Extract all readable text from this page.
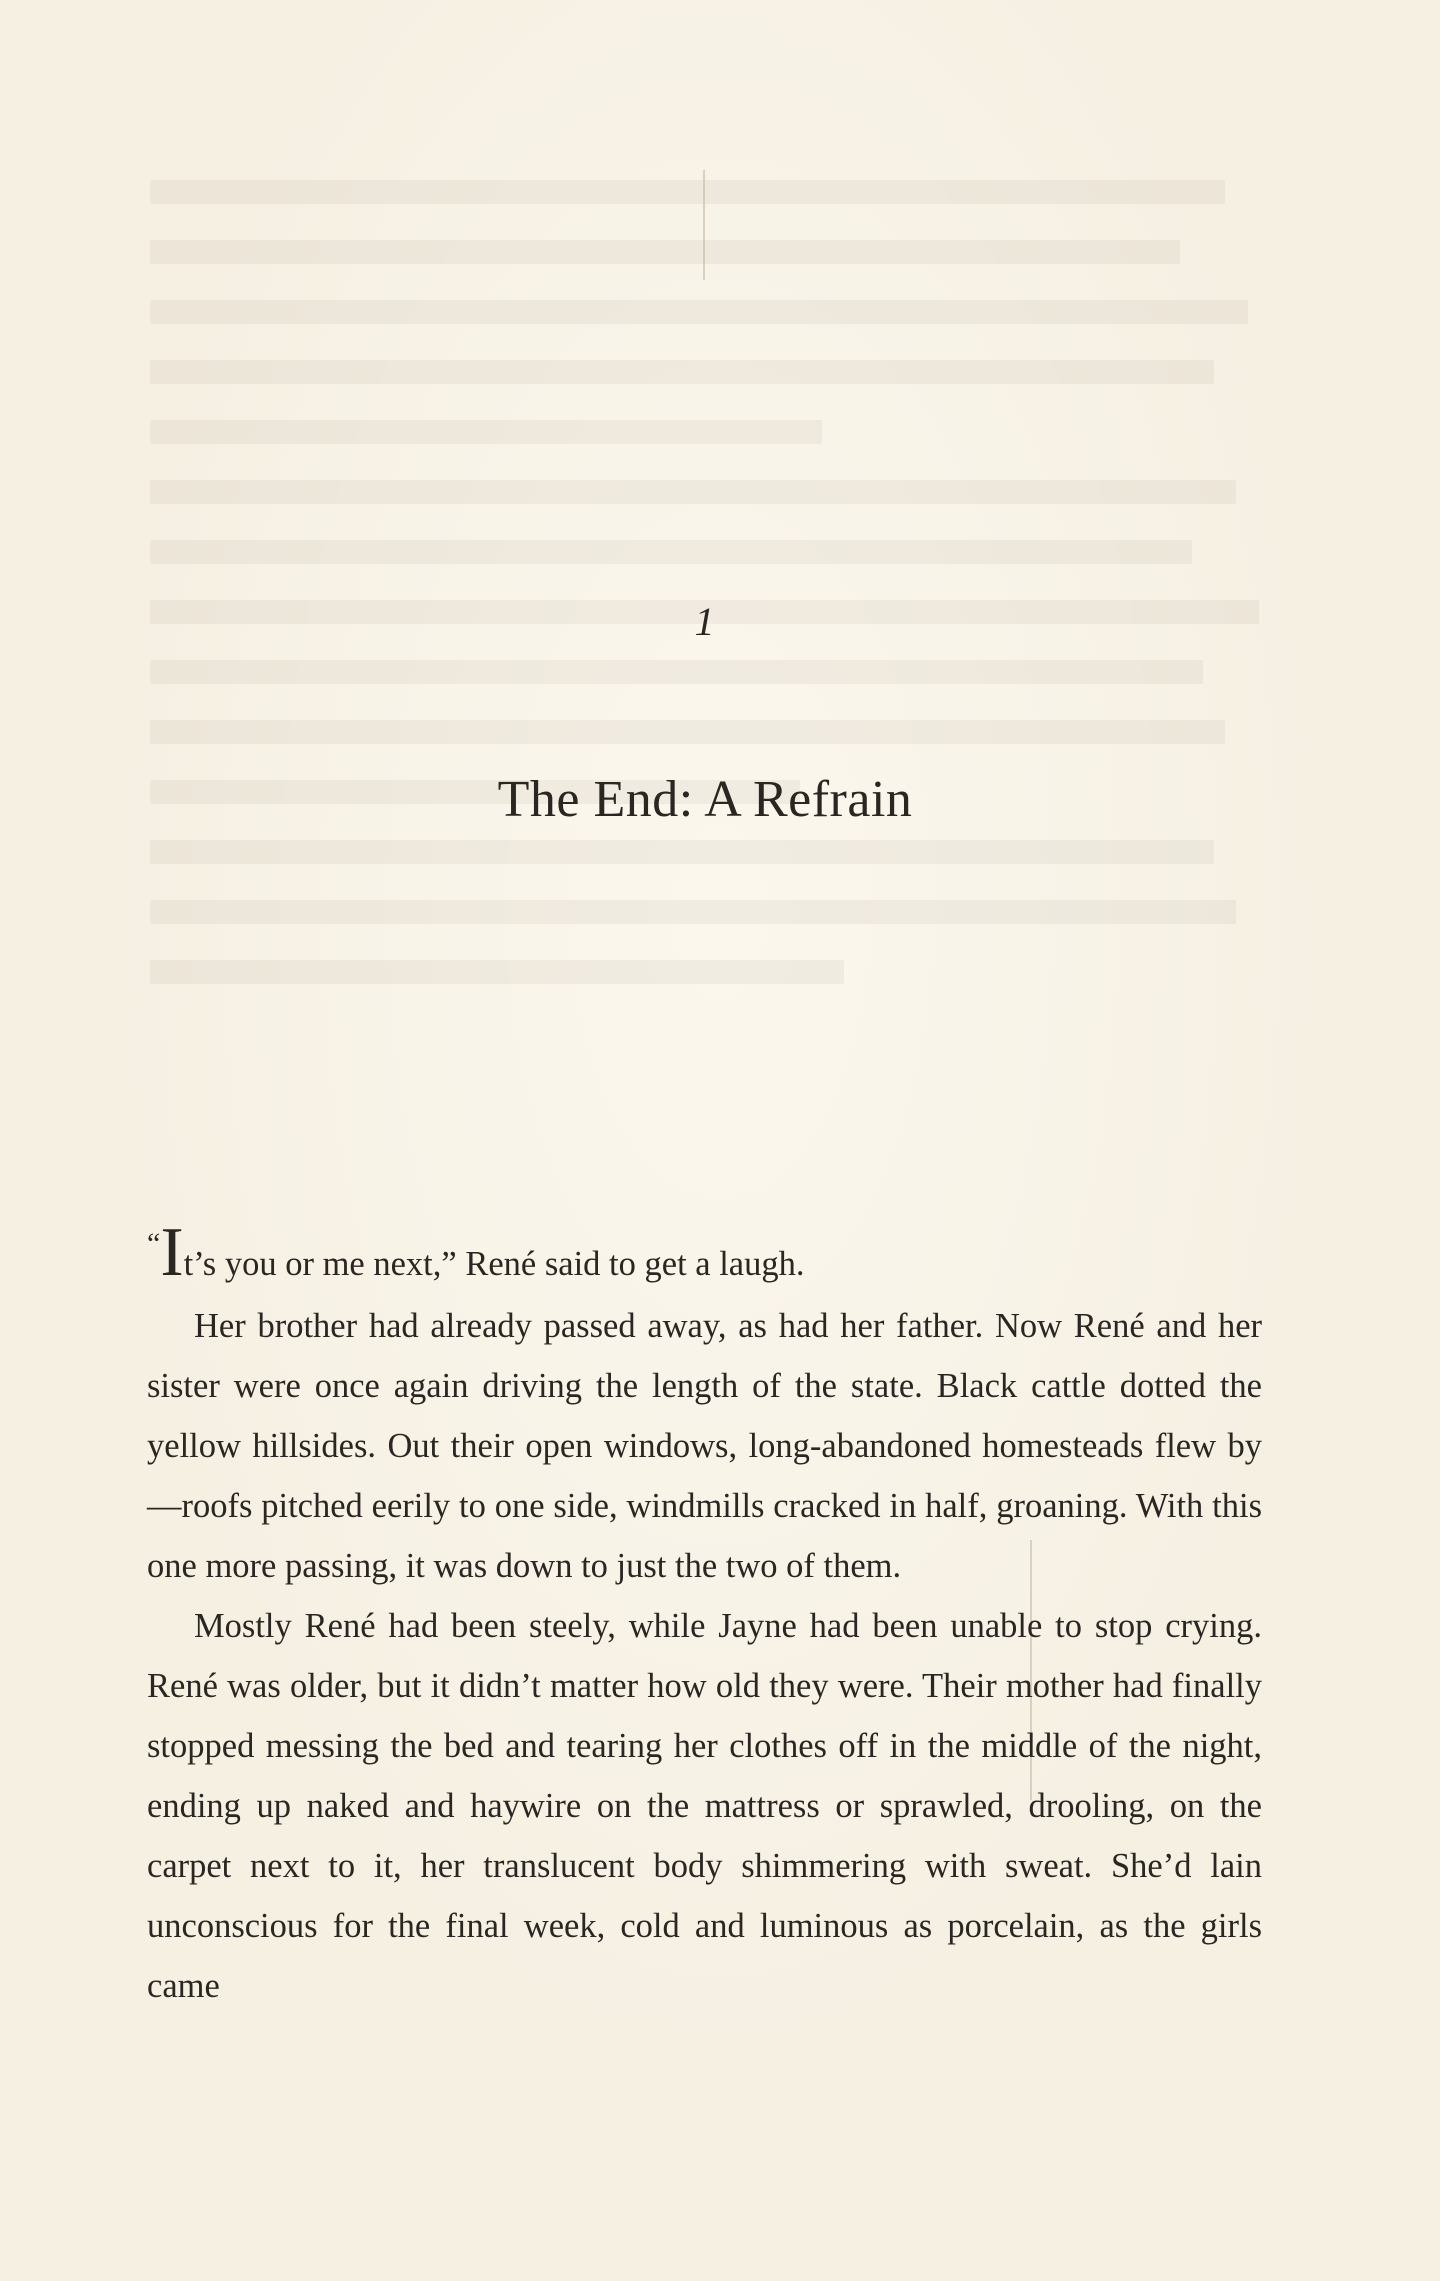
1
The End: A Refrain

“It’s you or me next,” René said to get a laugh.

Her brother had already passed away, as had her father. Now René and her sister were once again driving the length of the state. Black cattle dotted the yellow hillsides. Out their open windows, long-abandoned homesteads flew by—roofs pitched eerily to one side, windmills cracked in half, groaning. With this one more passing, it was down to just the two of them.

Mostly René had been steely, while Jayne had been unable to stop crying. René was older, but it didn’t matter how old they were. Their mother had finally stopped messing the bed and tearing her clothes off in the middle of the night, ending up naked and haywire on the mattress or sprawled, drooling, on the carpet next to it, her translucent body shimmering with sweat. She’d lain unconscious for the final week, cold and luminous as porcelain, as the girls came
